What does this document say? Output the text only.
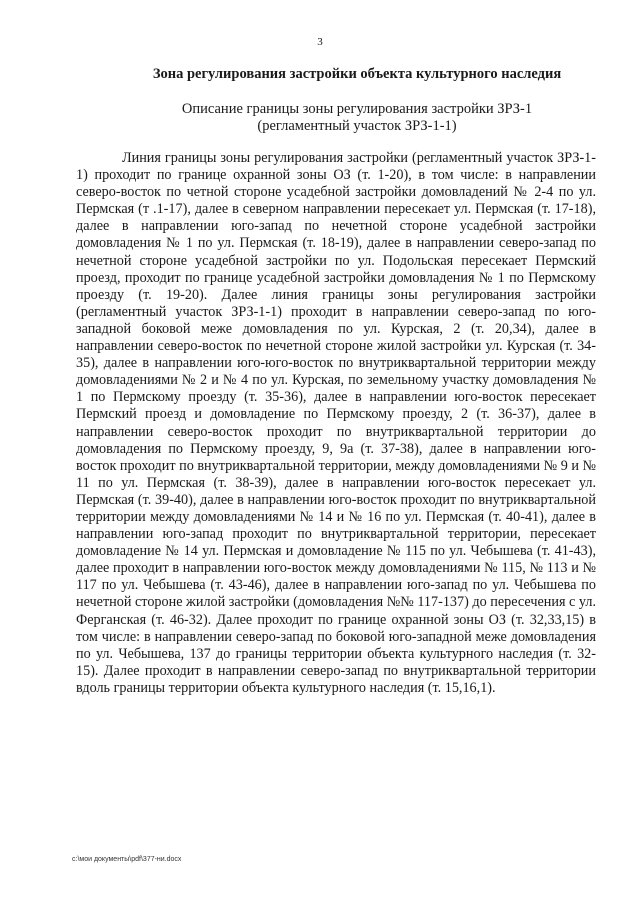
3
Зона регулирования застройки объекта культурного наследия
Описание границы зоны регулирования застройки ЗРЗ-1
(регламентный участок ЗРЗ-1-1)

Линия границы зоны регулирования застройки (регламентный участок ЗРЗ-1-1) проходит по границе охранной зоны ОЗ (т. 1-20), в том числе: в направлении северо-восток по четной стороне усадебной застройки домовладений № 2-4 по ул. Пермская (т .1-17), далее в северном направлении пересекает ул. Пермская (т. 17-18), далее в направлении юго-запад по нечетной стороне усадебной застройки домовладения № 1 по ул. Пермская (т. 18-19), далее в направлении северо-запад по нечетной стороне усадебной застройки по ул. Подольская пересекает Пермский проезд, проходит по границе усадебной застройки домовладения № 1 по Пермскому проезду (т. 19-20). Далее линия границы зоны регулирования застройки (регламентный участок ЗРЗ-1-1) проходит в направлении северо-запад по юго-западной боковой меже домовладения по ул. Курская, 2 (т. 20,34), далее в направлении северо-восток по нечетной стороне жилой застройки ул. Курская (т. 34-35), далее в направлении юго-юго-восток по внутриквартальной территории между домовладениями № 2 и № 4 по ул. Курская, по земельному участку домовладения № 1 по Пермскому проезду (т. 35-36), далее в направлении юго-восток пересекает Пермский проезд и домовладение по Пермскому проезду, 2 (т. 36-37), далее в направлении северо-восток проходит по внутриквартальной территории до домовладения по Пермскому проезду, 9, 9а (т. 37-38), далее в направлении юго-восток проходит по внутриквартальной территории, между домовладениями № 9 и № 11 по ул. Пермская (т. 38-39), далее в направлении юго-восток пересекает ул. Пермская (т. 39-40), далее в направлении юго-восток проходит по внутриквартальной территории между домовладениями № 14 и № 16 по ул. Пермская (т. 40-41), далее в направлении юго-запад проходит по внутриквартальной территории, пересекает домовладение № 14 ул. Пермская и домовладение № 115 по ул. Чебышева (т. 41-43), далее проходит в направлении юго-восток между домовладениями № 115, № 113 и № 117 по ул. Чебышева (т. 43-46), далее в направлении юго-запад по ул. Чебышева по нечетной стороне жилой застройки (домовладения №№ 117-137) до пересечения с ул. Ферганская (т. 46-32). Далее проходит по границе охранной зоны ОЗ (т. 32,33,15) в том числе: в направлении северо-запад по боковой юго-западной меже домовладения по ул. Чебышева, 137 до границы территории объекта культурного наследия (т. 32-15). Далее проходит в направлении северо-запад по внутриквартальной территории вдоль границы территории объекта культурного наследия (т. 15,16,1).

c:\мои документы\pdf\377-ни.docx
